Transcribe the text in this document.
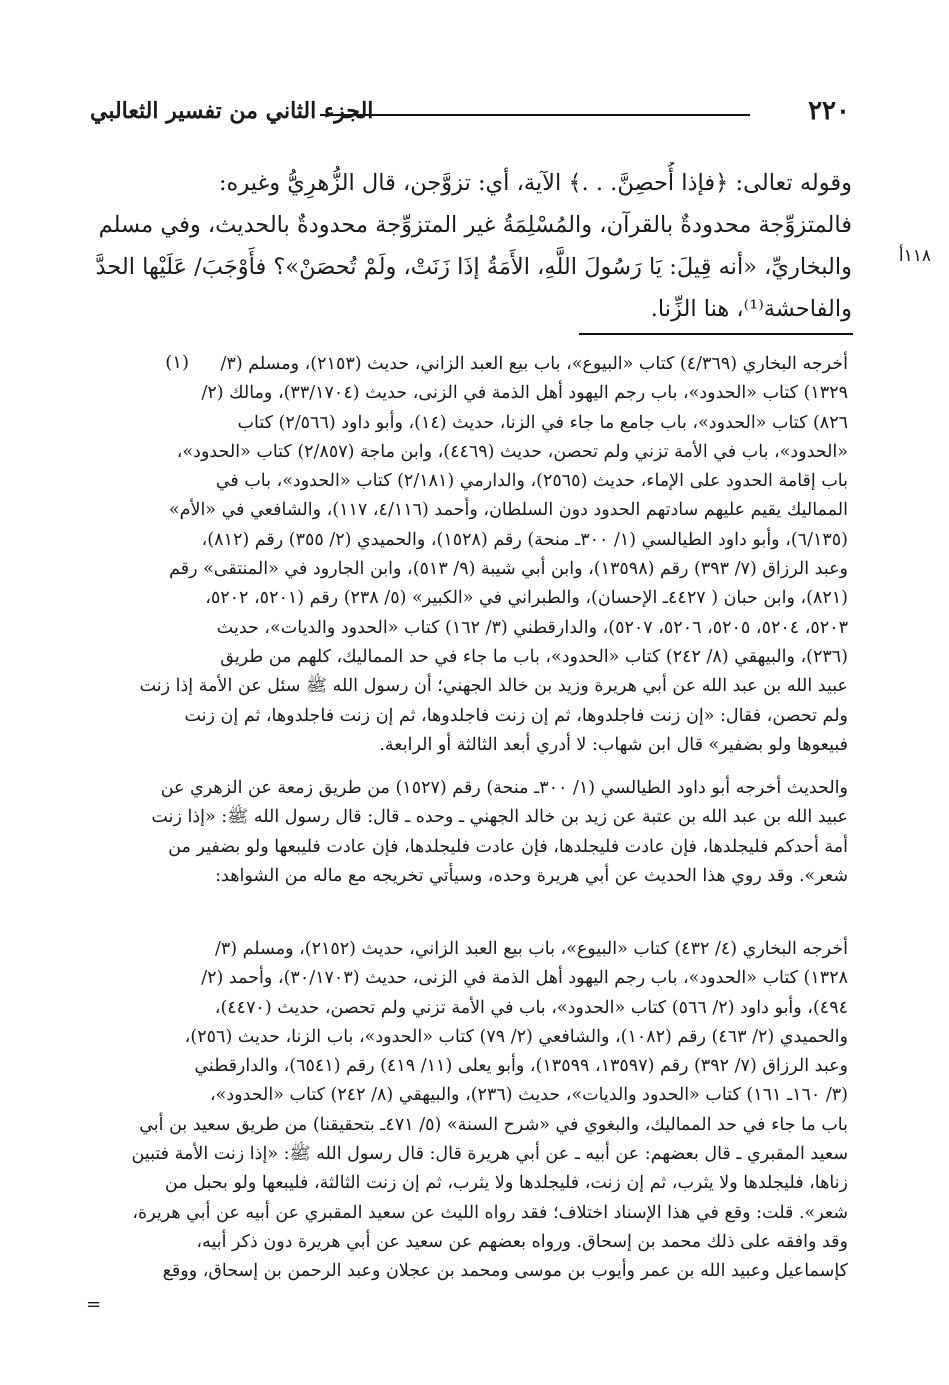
٢٢٠
الجزء الثاني من تفسير الثعالبي
١١٨أ
وقوله تعالى: ﴿فإذا أُحصِنَّ. . .﴾ الآية، أي: تزوَّجن، قال الزُّهرِيُّ وغيره:
فالمتزوِّجة محدودةٌ بالقرآن، والمُسْلِمَةُ غير المتزوِّجة محدودةٌ بالحديث، وفي مسلم
والبخاريِّ، «أنه قِيلَ: يَا رَسُولَ اللَّهِ، الأَمَةُ إذَا زَنَتْ، ولَمْ تُحصَنْ»؟ فأَوْجَبَ/ عَلَيْها الحدَّ
والفاحشة⁽¹⁾، هنا الزِّنا.
(١)	أخرجه البخاري (٤/٣٦٩) كتاب «البيوع»، باب بيع العبد الزاني، حديث (٢١٥٣)، ومسلم (٣/
١٣٢٩) كتاب «الحدود»، باب رجم اليهود أهل الذمة في الزنى، حديث (٣٣/١٧٠٤)، ومالك (٢/
٨٢٦) كتاب «الحدود»، باب جامع ما جاء في الزنا، حديث (١٤)، وأبو داود (٢/٥٦٦) كتاب
«الحدود»، باب في الأمة تزني ولم تحصن، حديث (٤٤٦٩)، وابن ماجة (٢/٨٥٧) كتاب «الحدود»،
باب إقامة الحدود على الإماء، حديث (٢٥٦٥)، والدارمي (٢/١٨١) كتاب «الحدود»، باب في
المماليك يقيم عليهم سادتهم الحدود دون السلطان، وأحمد (٤/١١٦، ١١٧)، والشافعي في «الأم»
(٦/١٣٥)، وأبو داود الطيالسي (١/ ٣٠٠ـ منحة) رقم (١٥٢٨)، والحميدي (٢/ ٣٥٥) رقم (٨١٢)،
وعبد الرزاق (٧/ ٣٩٣) رقم (١٣٥٩٨)، وابن أبي شيبة (٩/ ٥١٣)، وابن الجارود في «المنتقى» رقم
(٨٢١)، وابن حبان ( ٤٤٢٧ـ الإحسان)، والطبراني في «الكبير» (٥/ ٢٣٨) رقم (٥٢٠١، ٥٢٠٢،
٥٢٠٣، ٥٢٠٤، ٥٢٠٥، ٥٢٠٦، ٥٢٠٧)، والدارقطني (٣/ ١٦٢) كتاب «الحدود والديات»، حديث
(٢٣٦)، والبيهقي (٨/ ٢٤٢) كتاب «الحدود»، باب ما جاء في حد المماليك، كلهم من طريق
عبيد الله بن عبد الله عن أبي هريرة وزيد بن خالد الجهني؛ أن رسول الله ﷺ سئل عن الأمة إذا زنت
ولم تحصن، فقال: «إن زنت فاجلدوها، ثم إن زنت فاجلدوها، ثم إن زنت فاجلدوها، ثم إن زنت
فبيعوها ولو بضفير» قال ابن شهاب: لا أدري أبعد الثالثة أو الرابعة.
والحديث أخرجه أبو داود الطيالسي (١/ ٣٠٠ـ منحة) رقم (١٥٢٧) من طريق زمعة عن الزهري عن
عبيد الله بن عبد الله بن عتبة عن زيد بن خالد الجهني ـ وحده ـ قال: قال رسول الله ﷺ: «إذا زنت
أمة أحدكم فليجلدها، فإن عادت فليجلدها، فإن عادت فليجلدها، فإن عادت فليبعها ولو بضفير من
شعر». وقد روي هذا الحديث عن أبي هريرة وحده، وسيأتي تخريجه مع ماله من الشواهد:
أخرجه البخاري (٤/ ٤٣٢) كتاب «البيوع»، باب بيع العبد الزاني، حديث (٢١٥٢)، ومسلم (٣/
١٣٢٨) كتاب «الحدود»، باب رجم اليهود أهل الذمة في الزنى، حديث (٣٠/١٧٠٣)، وأحمد (٢/
٤٩٤)، وأبو داود (٢/ ٥٦٦) كتاب «الحدود»، باب في الأمة تزني ولم تحصن، حديث (٤٤٧٠)،
والحميدي (٢/ ٤٦٣) رقم (١٠٨٢)، والشافعي (٢/ ٧٩) كتاب «الحدود»، باب الزنا، حديث (٢٥٦)،
وعبد الرزاق (٧/ ٣٩٢) رقم (١٣٥٩٧، ١٣٥٩٩)، وأبو يعلى (١١/ ٤١٩) رقم (٦٥٤١)، والدارقطني
(٣/ ١٦٠ـ ١٦١) كتاب «الحدود والديات»، حديث (٢٣٦)، والبيهقي (٨/ ٢٤٢) كتاب «الحدود»،
باب ما جاء في حد المماليك، والبغوي في «شرح السنة» (٥/ ٤٧١ـ بتحقيقنا) من طريق سعيد بن أبي
سعيد المقبري ـ قال بعضهم: عن أبيه ـ عن أبي هريرة قال: قال رسول الله ﷺ: «إذا زنت الأمة فتبين
زناها، فليجلدها ولا يثرب، ثم إن زنت، فليجلدها ولا يثرب، ثم إن زنت الثالثة، فليبعها ولو بحبل من
شعر». قلت: وقع في هذا الإسناد اختلاف؛ فقد رواه الليث عن سعيد المقبري عن أبيه عن أبي هريرة،
وقد وافقه على ذلك محمد بن إسحاق. ورواه بعضهم عن سعيد عن أبي هريرة دون ذكر أبيه،
كإسماعيل وعبيد الله بن عمر وأيوب بن موسى ومحمد بن عجلان وعبد الرحمن بن إسحاق، ووقع
=
